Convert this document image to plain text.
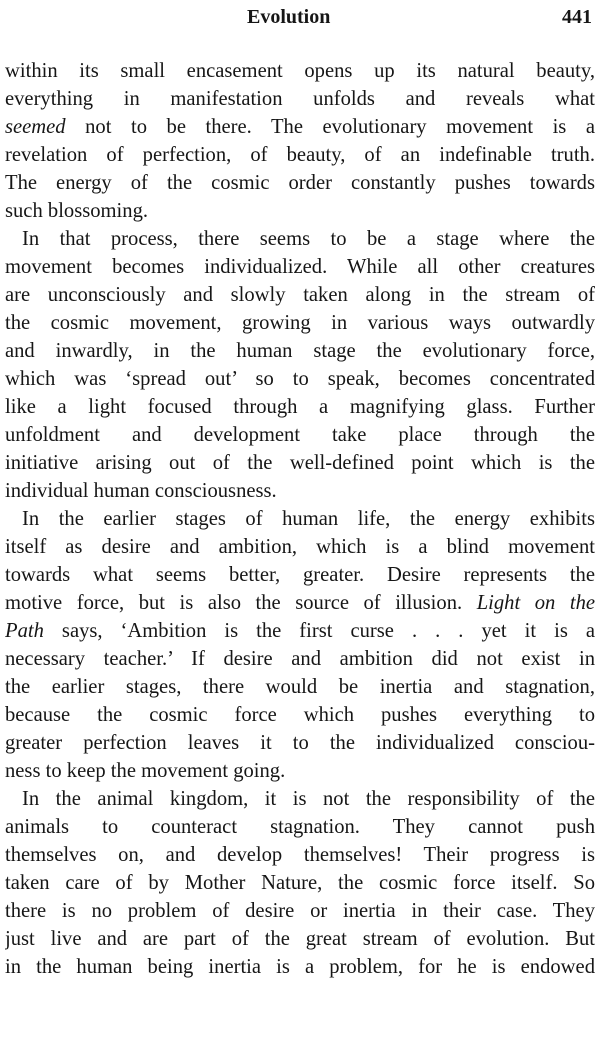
Evolution	441
within its small encasement opens up its natural beauty,
everything in manifestation unfolds and reveals what
seemed not to be there. The evolutionary movement is a
revelation of perfection, of beauty, of an indefinable truth.
The energy of the cosmic order constantly pushes towards
such blossoming.
In that process, there seems to be a stage where the
movement becomes individualized. While all other creatures
are unconsciously and slowly taken along in the stream of
the cosmic movement, growing in various ways outwardly
and inwardly, in the human stage the evolutionary force,
which was ‘spread out’ so to speak, becomes concentrated
like a light focused through a magnifying glass. Further
unfoldment and development take place through the
initiative arising out of the well-defined point which is the
individual human consciousness.
In the earlier stages of human life, the energy exhibits
itself as desire and ambition, which is a blind movement
towards what seems better, greater. Desire represents the
motive force, but is also the source of illusion. Light on the
Path says, ‘Ambition is the first curse . . . yet it is a
necessary teacher.’ If desire and ambition did not exist in
the earlier stages, there would be inertia and stagnation,
because the cosmic force which pushes everything to
greater perfection leaves it to the individualized consciou-
ness to keep the movement going.
In the animal kingdom, it is not the responsibility of the
animals to counteract stagnation. They cannot push
themselves on, and develop themselves! Their progress is
taken care of by Mother Nature, the cosmic force itself. So
there is no problem of desire or inertia in their case. They
just live and are part of the great stream of evolution. But
in the human being inertia is a problem, for he is endowed
